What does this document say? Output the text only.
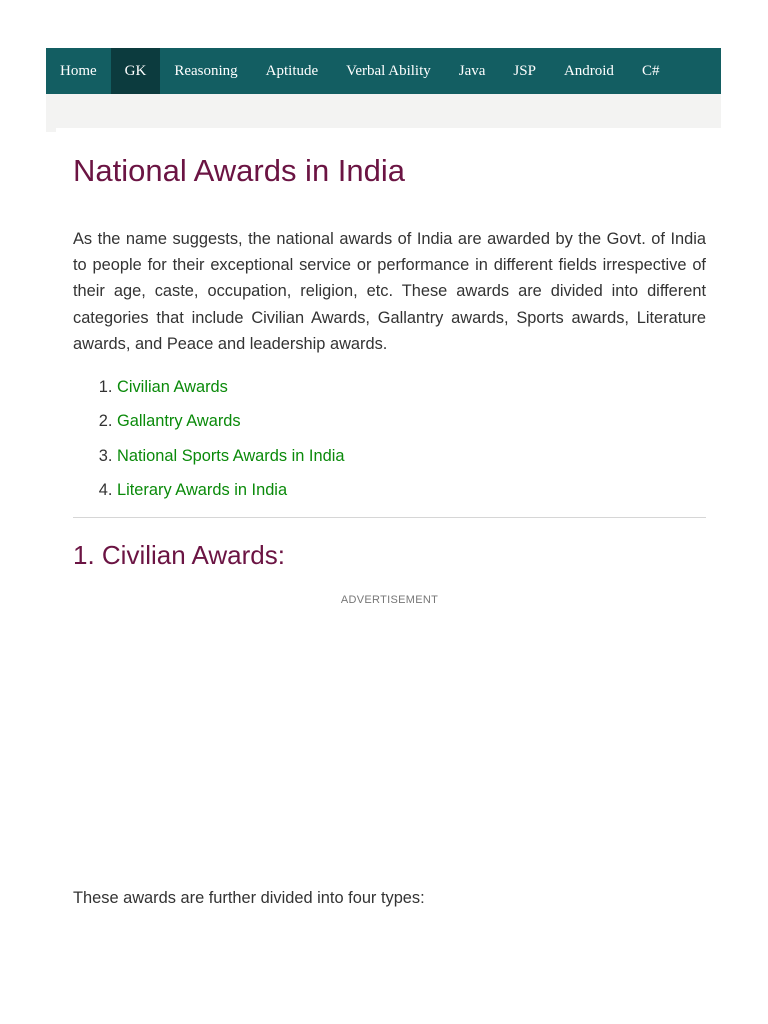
Home	GK	Reasoning	Aptitude	Verbal Ability	Java	JSP	Android	C#
National Awards in India

As the name suggests, the national awards of India are awarded by the Govt. of India to people for their exceptional service or performance in different fields irrespective of their age, caste, occupation, religion, etc. These awards are divided into different categories that include Civilian Awards, Gallantry awards, Sports awards, Literature awards, and Peace and leadership awards.

1. Civilian Awards
2. Gallantry Awards
3. National Sports Awards in India
4. Literary Awards in India
1. Civilian Awards:
ADVERTISEMENT

These awards are further divided into four types:
